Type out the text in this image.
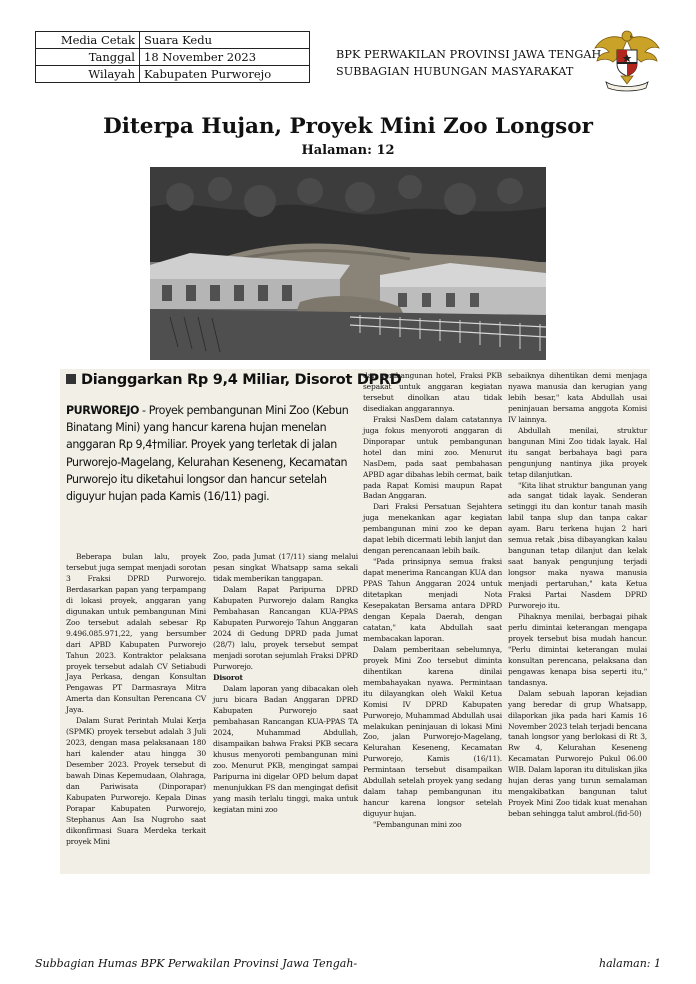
Media Cetak	Suara Kedu
Tanggal	18 November 2023
Wilayah	Kabupaten Purworejo
BPK PERWAKILAN PROVINSI JAWA TENGAH
SUBBAGIAN HUBUNGAN MASYARAKAT
Diterpa Hujan, Proyek Mini Zoo Longsor
Halaman: 12
Dianggarkan Rp 9,4 Miliar, Disorot DPRD
PURWOREJO - Proyek pembangunan Mini Zoo (Kebun Binatang Mini) yang hancur karena hujan menelan anggaran Rp 9,4†miliar. Proyek yang terletak di jalan Purworejo-Magelang, Kelurahan Keseneng, Kecamatan Purworejo itu diketahui longsor dan hancur setelah diguyur hujan pada Kamis (16/11) pagi.

Beberapa bulan lalu, proyek tersebut juga sempat menjadi sorotan 3 Fraksi DPRD Purworejo. Berdasarkan papan yang terpampang di lokasi proyek, anggaran yang digunakan untuk pembangunan Mini Zoo tersebut adalah sebesar Rp 9.496.085.971,22, yang bersumber dari APBD Kabupaten Purworejo Tahun 2023. Kontraktor pelaksana proyek tersebut adalah CV Setiabudi Jaya Perkasa, dengan Konsultan Pengawas PT Darmasraya Mitra Amerta dan Konsultan Perencana CV Jaya.

Dalam Surat Perintah Mulai Kerja (SPMK) proyek tersebut adalah 3 Juli 2023, dengan masa pelaksanaan 180 hari kalender atau hingga 30 Desember 2023. Proyek tersebut di bawah Dinas Kepemudaan, Olahraga, dan Pariwisata (Dinporapar) Kabupaten Purworejo. Kepala Dinas Porapar Kabupaten Purworejo, Stephanus Aan Isa Nugroho saat dikonfirmasi Suara Merdeka terkait proyek Mini

Zoo, pada Jumat (17/11) siang melalui pesan singkat Whatsapp sama sekali tidak memberikan tanggapan.

Dalam Rapat Paripurna DPRD Kabupaten Purworejo dalam Rangka Pembahasan Rancangan KUA-PPAS Kabupaten Purworejo Tahun Anggaran 2024 di Gedung DPRD pada Jumat (28/7) lalu, proyek tersebut sempat menjadi sorotan sejumlah Fraksi DPRD Purworejo.

Disorot

Dalam laporan yang dibacakan oleh juru bicara Badan Anggaran DPRD Kabupaten Purworejo saat pembahasan Rancangan KUA-PPAS TA 2024, Muhammad Abdullah, disampaikan bahwa Fraksi PKB secara khusus menyoroti pembangunan mini zoo. Menurut PKB, mengingat sampai Paripurna ini digelar OPD belum dapat menunjukkan FS dan mengingat defisit yang masih terlalu tinggi, maka untuk kegiatan mini zoo

dan pembangunan hotel, Fraksi PKB sepakat untuk anggaran kegiatan tersebut dinolkan atau tidak disediakan anggarannya.

Fraksi NasDem dalam catatannya juga fokus menyoroti anggaran di Dinporapar untuk pembangunan hotel dan mini zoo. Menurut NasDem, pada saat pembahasan APBD agar dibahas lebih cermat, baik pada Rapat Komisi maupun Rapat Badan Anggaran.

Dari Fraksi Persatuan Sejahtera juga menekankan agar kegiatan pembangunan mini zoo ke depan dapat lebih dicermati lebih lanjut dan dengan perencanaan lebih baik.

"Pada prinsipnya semua fraksi dapat menerima Rancangan KUA dan PPAS Tahun Anggaran 2024 untuk ditetapkan menjadi Nota Kesepakatan Bersama antara DPRD dengan Kepala Daerah, dengan catatan," kata Abdullah saat membacakan laporan.

Dalam pemberitaan sebelumnya, proyek Mini Zoo tersebut diminta dihentikan karena dinilai membahayakan nyawa. Permintaan itu dilayangkan oleh Wakil Ketua Komisi IV DPRD Kabupaten Purworejo, Muhammad Abdullah usai melakukan peninjauan di lokasi Mini Zoo, jalan Purworejo-Magelang, Kelurahan Keseneng, Kecamatan Purworejo, Kamis (16/11). Permintaan tersebut disampaikan Abdullah setelah proyek yang sedang dalam tahap pembangunan itu hancur karena longsor setelah diguyur hujan.

"Pembangunan mini zoo

sebaiknya dihentikan demi menjaga nyawa manusia dan kerugian yang lebih besar," kata Abdullah usai peninjauan bersama anggota Komisi IV lainnya.

Abdullah menilai, struktur bangunan Mini Zoo tidak layak. Hal itu sangat berbahaya bagi para pengunjung nantinya jika proyek tetap dilanjutkan.

"Kita lihat struktur bangunan yang ada sangat tidak layak. Senderan setinggi itu dan kontur tanah masih labil tanpa slup dan tanpa cakar ayam. Baru terkena hujan 2 hari semua retak ,bisa dibayangkan kalau bangunan tetap dilanjut dan kelak saat banyak pengunjung terjadi longsor maka nyawa manusia menjadi pertaruhan," kata Ketua Fraksi Partai Nasdem DPRD Purworejo itu.

Pihaknya menilai, berbagai pihak perlu dimintai keterangan mengapa proyek tersebut bisa mudah hancur. "Perlu dimintai keterangan mulai konsultan perencana, pelaksana dan pengawas kenapa bisa seperti itu," tandasnya.

Dalam sebuah laporan kejadian yang beredar di grup Whatsapp, dilaporkan jika pada hari Kamis 16 November 2023 telah terjadi bencana tanah longsor yang berlokasi di Rt 3, Rw 4, Kelurahan Keseneng Kecamatan Purworejo Pukul 06.00 WIB. Dalam laporan itu dituliskan jika hujan deras yang turun semalaman mengakibatkan bangunan talut Proyek Mini Zoo tidak kuat menahan beban sehingga talut ambrol.(fid-50)

Subbagian Humas BPK Perwakilan Provinsi Jawa Tengah-	halaman: 1
